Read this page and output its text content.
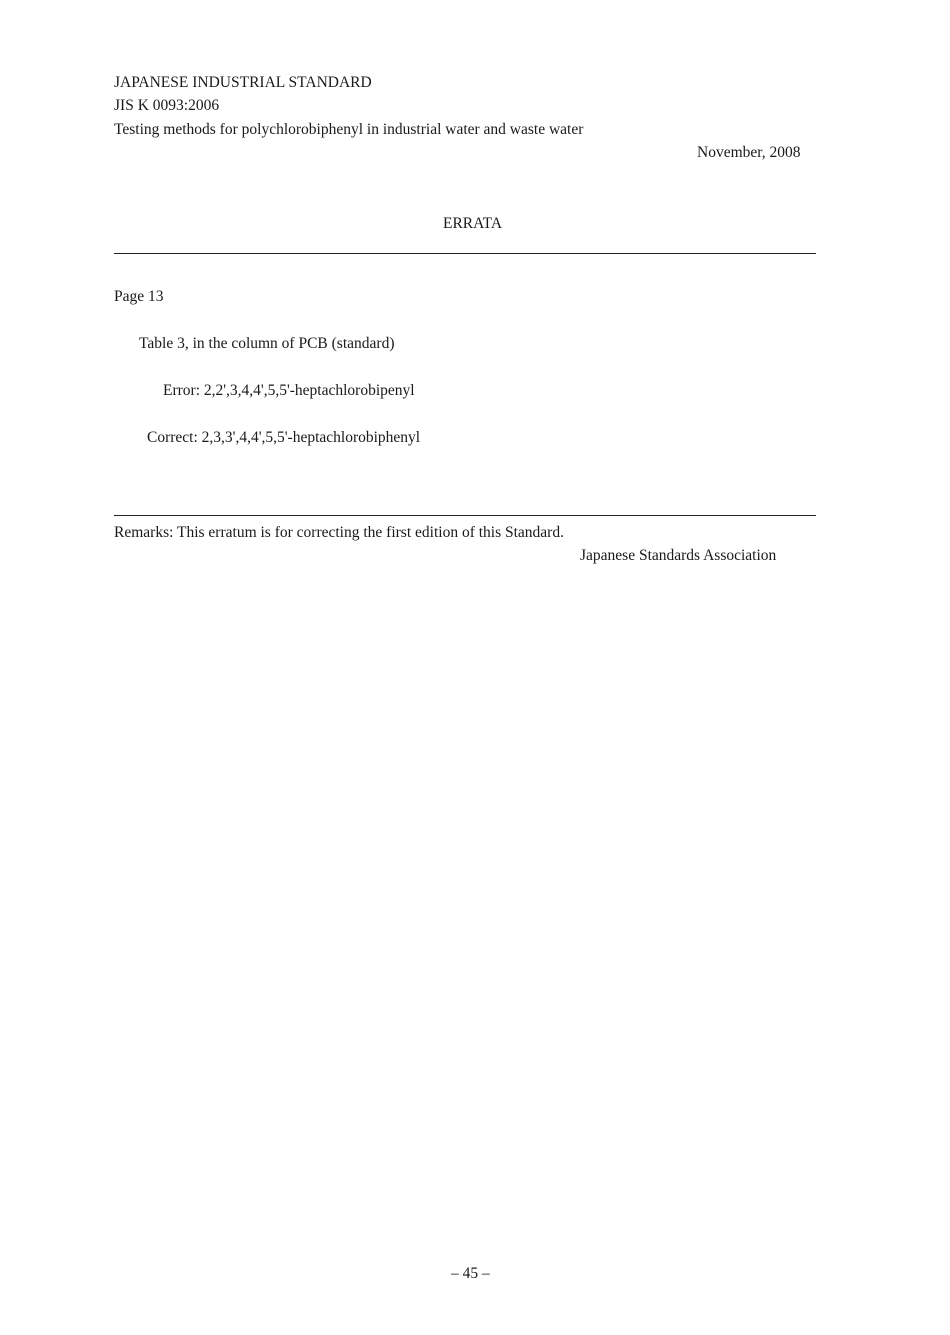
JAPANESE INDUSTRIAL STANDARD
JIS K 0093:2006
Testing methods for polychlorobiphenyl in industrial water and waste water
November, 2008
ERRATA
Page 13
Table 3, in the column of PCB (standard)
Error: 2,2',3,4,4',5,5'-heptachlorobipenyl
Correct: 2,3,3',4,4',5,5'-heptachlorobiphenyl
Remarks: This erratum is for correcting the first edition of this Standard.
Japanese Standards Association
– 45 –
